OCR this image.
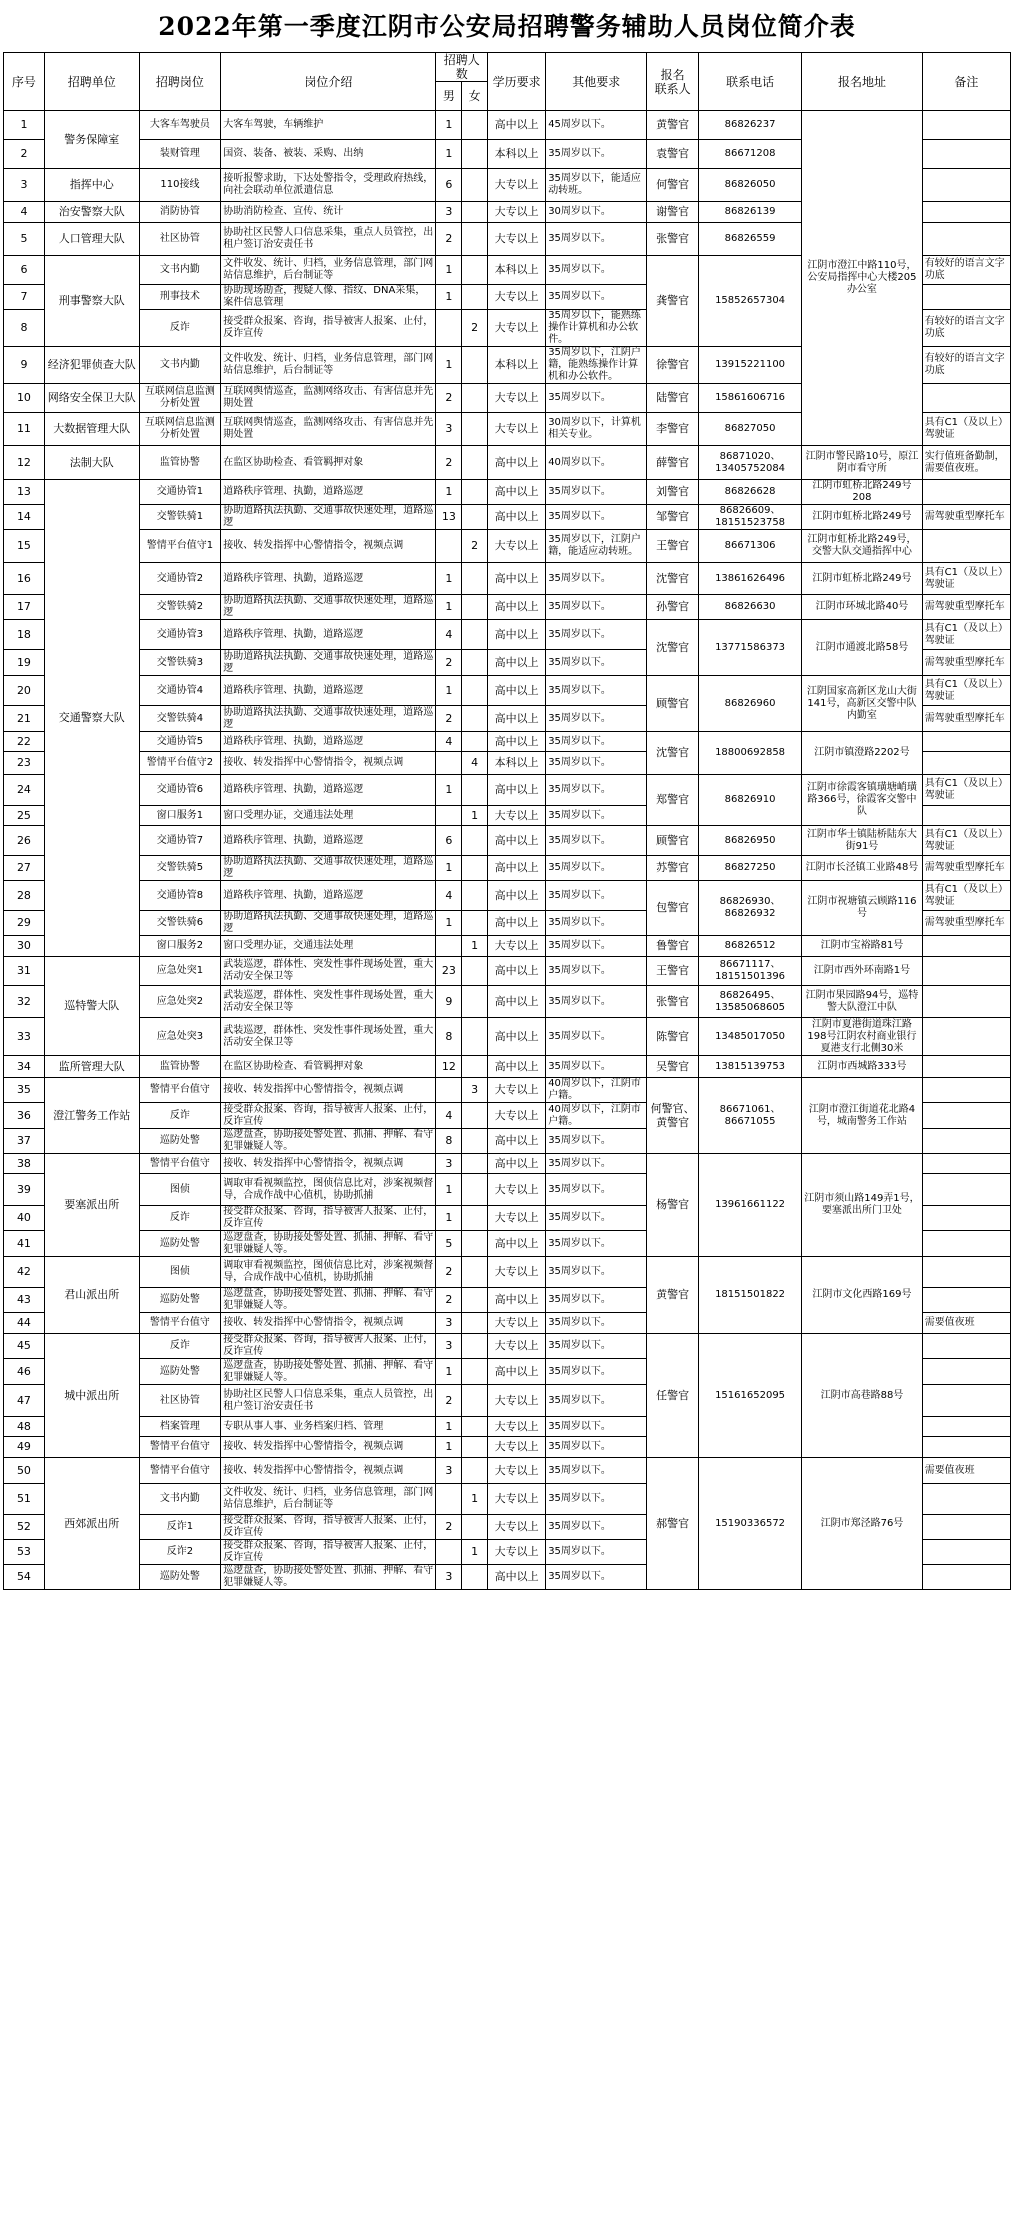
2022年第一季度江阴市公安局招聘警务辅助人员岗位简介表
序号	招聘单位	招聘岗位	岗位介绍	招聘人数		学历要求	其他要求	报名
联系人	联系电话	报名地址	备注
				男	女						
1	警务保障室	大客车驾驶员	大客车驾驶，车辆维护	1		高中以上	45周岁以下。	黄警官	86826237	江阴市澄江中路110号，公安局指挥中心大楼205办公室	
2		装财管理	国资、装备、被装、采购、出纳	1		本科以上	35周岁以下。	袁警官	86671208		
3	指挥中心	110接线	接听报警求助，下达处警指令，受理政府热线，向社会联动单位派遣信息	6		大专以上	35周岁以下，能适应动转班。	何警官	86826050		
4	治安警察大队	消防协管	协助消防检查、宣传、统计	3		大专以上	30周岁以下。	谢警官	86826139		
5	人口管理大队	社区协管	协助社区民警人口信息采集，重点人员管控，出租户签订治安责任书	2		大专以上	35周岁以下。	张警官	86826559		
6	刑事警察大队	文书内勤	文件收发、统计、归档，业务信息管理，部门网站信息维护，后台制证等	1		本科以上	35周岁以下。	龚警官	15852657304		有较好的语言文字功底
7		刑事技术	协助现场勘查，搜疑人像、指纹、DNA采集，案件信息管理	1		大专以上	35周岁以下。				
8		反诈	接受群众报案、咨询，指导被害人报案、止付，反诈宣传		2	大专以上	35周岁以下，能熟练操作计算机和办公软件。				有较好的语言文字功底
9	经济犯罪侦查大队	文书内勤	文件收发、统计、归档，业务信息管理，部门网站信息维护，后台制证等	1		本科以上	35周岁以下，江阴户籍，能熟练操作计算机和办公软件。	徐警官	13915221100		有较好的语言文字功底
10	网络安全保卫大队	互联网信息监测分析处置	互联网舆情巡查，监测网络攻击、有害信息并先期处置	2		大专以上	35周岁以下。	陆警官	15861606716		
11	大数据管理大队	互联网信息监测分析处置	互联网舆情巡查，监测网络攻击、有害信息并先期处置	3		大专以上	30周岁以下，计算机相关专业。	李警官	86827050		具有C1（及以上）驾驶证
12	法制大队	监管协警	在监区协助检查、看管羁押对象	2		高中以上	40周岁以下。	薛警官	86871020、13405752084	江阴市警民路10号，原江阴市看守所	实行值班备勤制，需要值夜班。
13	交通警察大队	交通协管1	道路秩序管理、执勤，道路巡逻	1		高中以上	35周岁以下。	刘警官	86826628	江阴市虹桥北路249号208	
14		交警铁骑1	协助道路执法执勤、交通事故快速处理，道路巡逻	13		高中以上	35周岁以下。	邹警官	86826609、18151523758	江阴市虹桥北路249号	需驾驶重型摩托车
15		警情平台值守1	接收、转发指挥中心警情指令，视频点调		2	大专以上	35周岁以下，江阴户籍，能适应动转班。	王警官	86671306	江阴市虹桥北路249号，交警大队交通指挥中心	
16		交通协管2	道路秩序管理、执勤，道路巡逻	1		高中以上	35周岁以下。	沈警官	13861626496	江阴市虹桥北路249号	具有C1（及以上）驾驶证
17		交警铁骑2	协助道路执法执勤、交通事故快速处理，道路巡逻	1		高中以上	35周岁以下。	孙警官	86826630	江阴市环城北路40号	需驾驶重型摩托车
18		交通协管3	道路秩序管理、执勤，道路巡逻	4		高中以上	35周岁以下。	沈警官	13771586373	江阴市通渡北路58号	具有C1（及以上）驾驶证
19		交警铁骑3	协助道路执法执勤、交通事故快速处理，道路巡逻	2		高中以上	35周岁以下。				需驾驶重型摩托车
20		交通协管4	道路秩序管理、执勤，道路巡逻	1		高中以上	35周岁以下。	顾警官	86826960	江阴国家高新区龙山大街141号，高新区交警中队内勤室	具有C1（及以上）驾驶证
21		交警铁骑4	协助道路执法执勤、交通事故快速处理，道路巡逻	2		高中以上	35周岁以下。				需驾驶重型摩托车
22		交通协管5	道路秩序管理、执勤，道路巡逻	4		高中以上	35周岁以下。	沈警官	18800692858	江阴市镇澄路2202号	
23		警情平台值守2	接收、转发指挥中心警情指令，视频点调		4	本科以上	35周岁以下。				
24		交通协管6	道路秩序管理、执勤，道路巡逻	1		高中以上	35周岁以下。	郑警官	86826910	江阴市徐霞客镇璜塘峭璜路366号，徐霞客交警中队	具有C1（及以上）驾驶证
25		窗口服务1	窗口受理办证，交通违法处理		1	大专以上	35周岁以下。				
26		交通协管7	道路秩序管理、执勤，道路巡逻	6		高中以上	35周岁以下。	顾警官	86826950	江阴市华士镇陆桥陆东大街91号	具有C1（及以上）驾驶证
27		交警铁骑5	协助道路执法执勤、交通事故快速处理，道路巡逻	1		高中以上	35周岁以下。	苏警官	86827250	江阴市长泾镇工业路48号	需驾驶重型摩托车
28		交通协管8	道路秩序管理、执勤，道路巡逻	4		高中以上	35周岁以下。	包警官	86826930、86826932	江阴市祝塘镇云顾路116号	具有C1（及以上）驾驶证
29		交警铁骑6	协助道路执法执勤、交通事故快速处理，道路巡逻	1		高中以上	35周岁以下。				需驾驶重型摩托车
30		窗口服务2	窗口受理办证，交通违法处理		1	大专以上	35周岁以下。	鲁警官	86826512	江阴市宝裕路81号	
31	巡特警大队	应急处突1	武装巡逻，群体性、突发性事件现场处置，重大活动安全保卫等	23		高中以上	35周岁以下。	王警官	86671117、18151501396	江阴市西外环南路1号	
32		应急处突2	武装巡逻，群体性、突发性事件现场处置，重大活动安全保卫等	9		高中以上	35周岁以下。	张警官	86826495、13585068605	江阴市果园路94号，巡特警大队澄江中队	
33		应急处突3	武装巡逻，群体性、突发性事件现场处置，重大活动安全保卫等	8		高中以上	35周岁以下。	陈警官	13485017050	江阴市夏港街道珠江路198号江阴农村商业银行夏港支行北侧30米	
34	监所管理大队	监管协警	在监区协助检查、看管羁押对象	12		高中以上	35周岁以下。	吴警官	13815139753	江阴市西城路333号	
35	澄江警务工作站	警情平台值守	接收、转发指挥中心警情指令，视频点调		3	大专以上	40周岁以下，江阴市户籍。	何警官、黄警官	86671061、86671055	江阴市澄江街道花北路4号，城南警务工作站	
36		反诈	接受群众报案、咨询，指导被害人报案、止付，反诈宣传	4		大专以上	40周岁以下，江阴市户籍。				
37		巡防处警	巡逻盘查，协助接处警处置、抓捕、押解、看守犯罪嫌疑人等。	8		高中以上	35周岁以下。				
38	要塞派出所	警情平台值守	接收、转发指挥中心警情指令，视频点调	3		高中以上	35周岁以下。	杨警官	13961661122	江阴市须山路149弄1号，要塞派出所门卫处	
39		图侦	调取审看视频监控，图侦信息比对，涉案视频督导，合成作战中心值机，协助抓捕	1		大专以上	35周岁以下。				
40		反诈	接受群众报案、咨询，指导被害人报案、止付，反诈宣传	1		大专以上	35周岁以下。				
41		巡防处警	巡逻盘查，协助接处警处置、抓捕、押解、看守犯罪嫌疑人等。	5		高中以上	35周岁以下。				
42	君山派出所	图侦	调取审看视频监控，图侦信息比对，涉案视频督导，合成作战中心值机，协助抓捕	2		大专以上	35周岁以下。	黄警官	18151501822	江阴市文化西路169号	
43		巡防处警	巡逻盘查，协助接处警处置、抓捕、押解、看守犯罪嫌疑人等。	2		高中以上	35周岁以下。				
44		警情平台值守	接收、转发指挥中心警情指令，视频点调	3		大专以上	35周岁以下。				需要值夜班
45	城中派出所	反诈	接受群众报案、咨询，指导被害人报案、止付，反诈宣传	3		大专以上	35周岁以下。	任警官	15161652095	江阴市高巷路88号	
46		巡防处警	巡逻盘查，协助接处警处置、抓捕、押解、看守犯罪嫌疑人等。	1		高中以上	35周岁以下。				
47		社区协管	协助社区民警人口信息采集，重点人员管控，出租户签订治安责任书	2		大专以上	35周岁以下。				
48		档案管理	专职从事人事、业务档案归档、管理	1		大专以上	35周岁以下。				
49		警情平台值守	接收、转发指挥中心警情指令，视频点调	1		大专以上	35周岁以下。				
50	西郊派出所	警情平台值守	接收、转发指挥中心警情指令，视频点调	3		大专以上	35周岁以下。	郝警官	15190336572	江阴市郑泾路76号	需要值夜班
51		文书内勤	文件收发、统计、归档，业务信息管理，部门网站信息维护，后台制证等		1	大专以上	35周岁以下。				
52		反诈1	接受群众报案、咨询，指导被害人报案、止付，反诈宣传	2		大专以上	35周岁以下。				
53		反诈2	接受群众报案、咨询，指导被害人报案、止付，反诈宣传		1	大专以上	35周岁以下。				
54		巡防处警	巡逻盘查，协助接处警处置、抓捕、押解、看守犯罪嫌疑人等。	3		高中以上	35周岁以下。				
